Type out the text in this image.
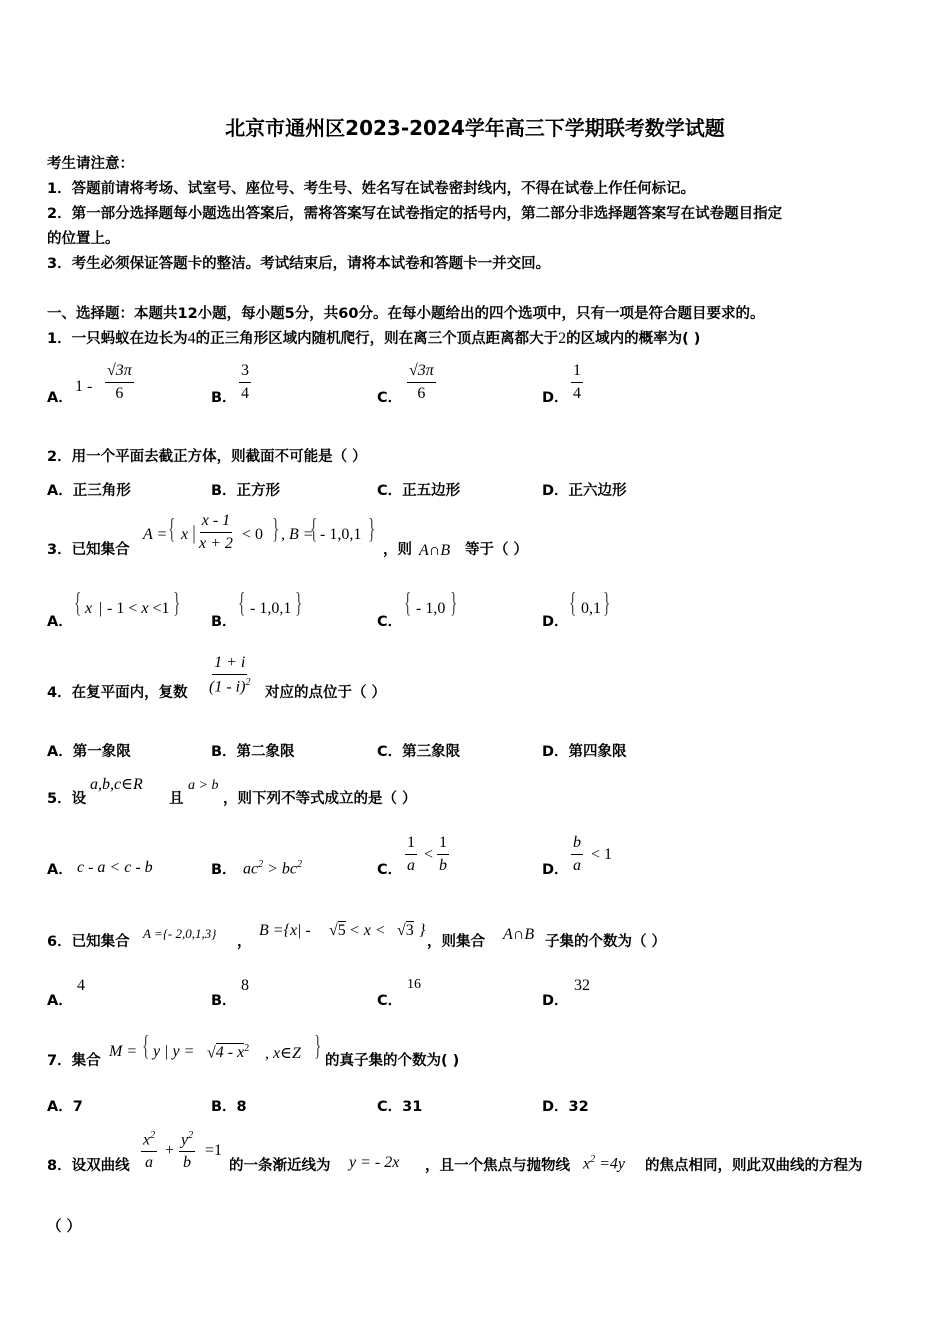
北京市通州区2023-2024学年高三下学期联考数学试题
考生请注意：
1．答题前请将考场、试室号、座位号、考生号、姓名写在试卷密封线内，不得在试卷上作任何标记。
2．第一部分选择题每小题选出答案后，需将答案写在试卷指定的括号内，第二部分非选择题答案写在试卷题目指定
的位置上。
3．考生必须保证答题卡的整洁。考试结束后，请将本试卷和答题卡一并交回。
一、选择题：本题共12小题，每小题5分，共60分。在每小题给出的四个选项中，只有一项是符合题目要求的。
1．一只蚂蚁在边长为4的正三角形区域内随机爬行，则在离三个顶点距离都大于2的区域内的概率为( )
A．
$1 - \frac{√3\pi}{6}$	B． $\frac{3}{4}$	C． $\frac{√3\pi}{6}$	D． $\frac{1}{4}$
2．用一个平面去截正方体，则截面不可能是（ ）
A．正三角形	B．正方形	C．正五边形	D．正六边形
3．已知集合
A = { x | $\frac{x - 1}{x + 2} < 0$ } , B =
{ - 1,0,1 }
，则 A∩B 等于（ ）
A．
{ x | - 1 < x <1 }
B．
{ - 1,0,1 }
C．
{ - 1,0 }
D．
{ 0,1 }
4．在复平面内，复数 $\frac{1 + i}{(1 - i)^2}$ 对应的点位于（ ）
A．第一象限	B．第二象限	C．第三象限	D．第四象限
5．设
a,b,c∈R
且
a > b
，则下列不等式成立的是（ ）
A． c - a < c - b	B． $ac^2 > bc^2$	C． $\frac{1}{a} < \frac{1}{b}$	D． $\frac{b}{a} < 1$
6．已知集合
A ={- 2,0,1,3}
，
B ={x| - √5 < x < √3 }
，则集合 A∩B 子集的个数为（ ）
A．
4
B．
8
C．
16
D．
32
7．集合
M = { y | $y = √4 - x^2$ , x∈Z } 的真子集的个数为( )
A．7	B．8	C．31	D．32
8．设双曲线 $\frac{x^2}{a} + \frac{y^2}{b} =1$
的一条渐近线为 y = - 2x ，且一个焦点与抛物线 $x^2 =4y$ 的焦点相同，则此双曲线的方程为
（ ）
